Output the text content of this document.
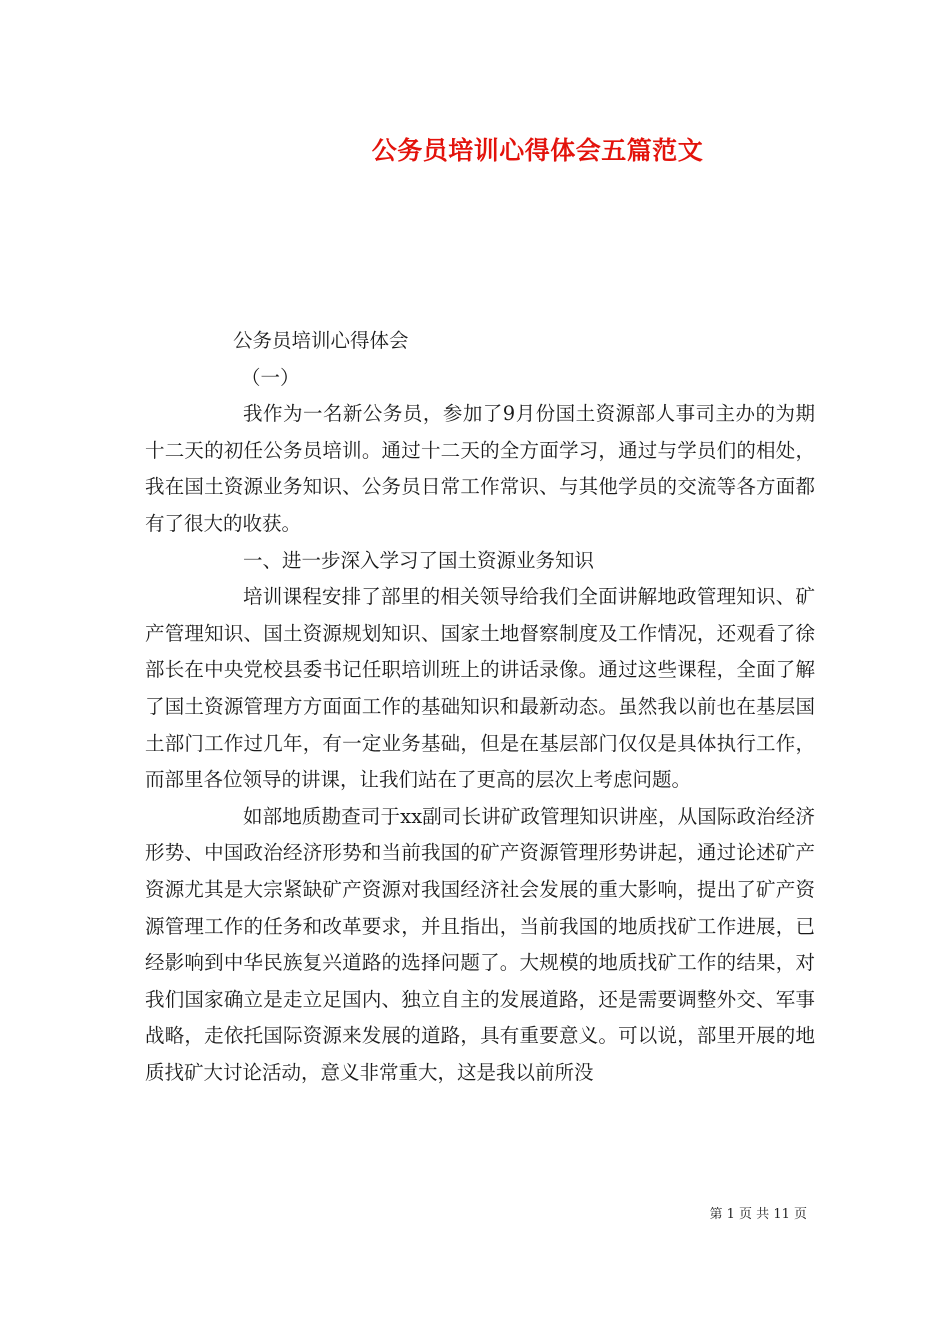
公务员培训心得体会五篇范文

公务员培训心得体会

（一）

我作为一名新公务员，参加了9月份国土资源部人事司主办的为期十二天的初任公务员培训。通过十二天的全方面学习，通过与学员们的相处，我在国土资源业务知识、公务员日常工作常识、与其他学员的交流等各方面都有了很大的收获。

一、进一步深入学习了国土资源业务知识

培训课程安排了部里的相关领导给我们全面讲解地政管理知识、矿产管理知识、国土资源规划知识、国家土地督察制度及工作情况，还观看了徐部长在中央党校县委书记任职培训班上的讲话录像。通过这些课程，全面了解了国土资源管理方方面面工作的基础知识和最新动态。虽然我以前也在基层国土部门工作过几年，有一定业务基础，但是在基层部门仅仅是具体执行工作，而部里各位领导的讲课，让我们站在了更高的层次上考虑问题。

如部地质勘查司于xx副司长讲矿政管理知识讲座，从国际政治经济形势、中国政治经济形势和当前我国的矿产资源管理形势讲起，通过论述矿产资源尤其是大宗紧缺矿产资源对我国经济社会发展的重大影响，提出了矿产资源管理工作的任务和改革要求，并且指出，当前我国的地质找矿工作进展，已经影响到中华民族复兴道路的选择问题了。大规模的地质找矿工作的结果，对我们国家确立是走立足国内、独立自主的发展道路，还是需要调整外交、军事战略，走依托国际资源来发展的道路，具有重要意义。可以说，部里开展的地质找矿大讨论活动，意义非常重大，这是我以前所没

第 1 页 共 11 页
